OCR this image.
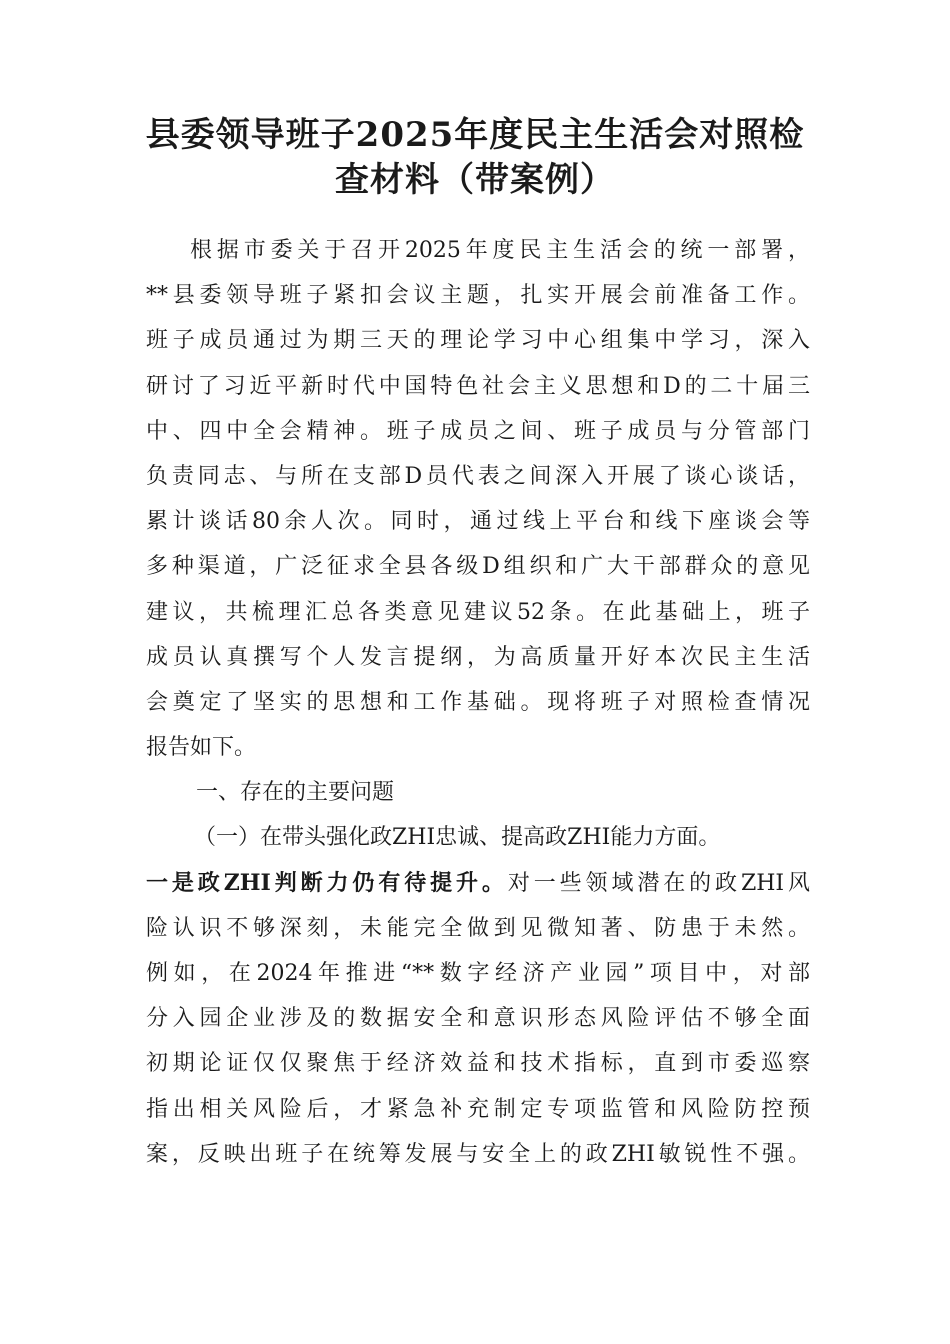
县委领导班子2025年度民主生活会对照检
查材料（带案例）
根据市委关于召开2025年度民主生活会的统一部署，
**县委领导班子紧扣会议主题，扎实开展会前准备工作。
班子成员通过为期三天的理论学习中心组集中学习，深入
研讨了习近平新时代中国特色社会主义思想和D的二十届三
中、四中全会精神。班子成员之间、班子成员与分管部门
负责同志、与所在支部D员代表之间深入开展了谈心谈话，
累计谈话80余人次。同时，通过线上平台和线下座谈会等
多种渠道，广泛征求全县各级D组织和广大干部群众的意见
建议，共梳理汇总各类意见建议52条。在此基础上，班子
成员认真撰写个人发言提纲，为高质量开好本次民主生活
会奠定了坚实的思想和工作基础。现将班子对照检查情况
报告如下。
一、存在的主要问题
（一）在带头强化政ZHI忠诚、提高政ZHI能力方面。
一是政ZHI判断力仍有待提升。对一些领域潜在的政ZHI风
险认识不够深刻，未能完全做到见微知著、防患于未然。
例如，在2024年推进“**数字经济产业园”项目中，对部
分入园企业涉及的数据安全和意识形态风险评估不够全面
初期论证仅仅聚焦于经济效益和技术指标，直到市委巡察
指出相关风险后，才紧急补充制定专项监管和风险防控预
案，反映出班子在统筹发展与安全上的政ZHI敏锐性不强。
